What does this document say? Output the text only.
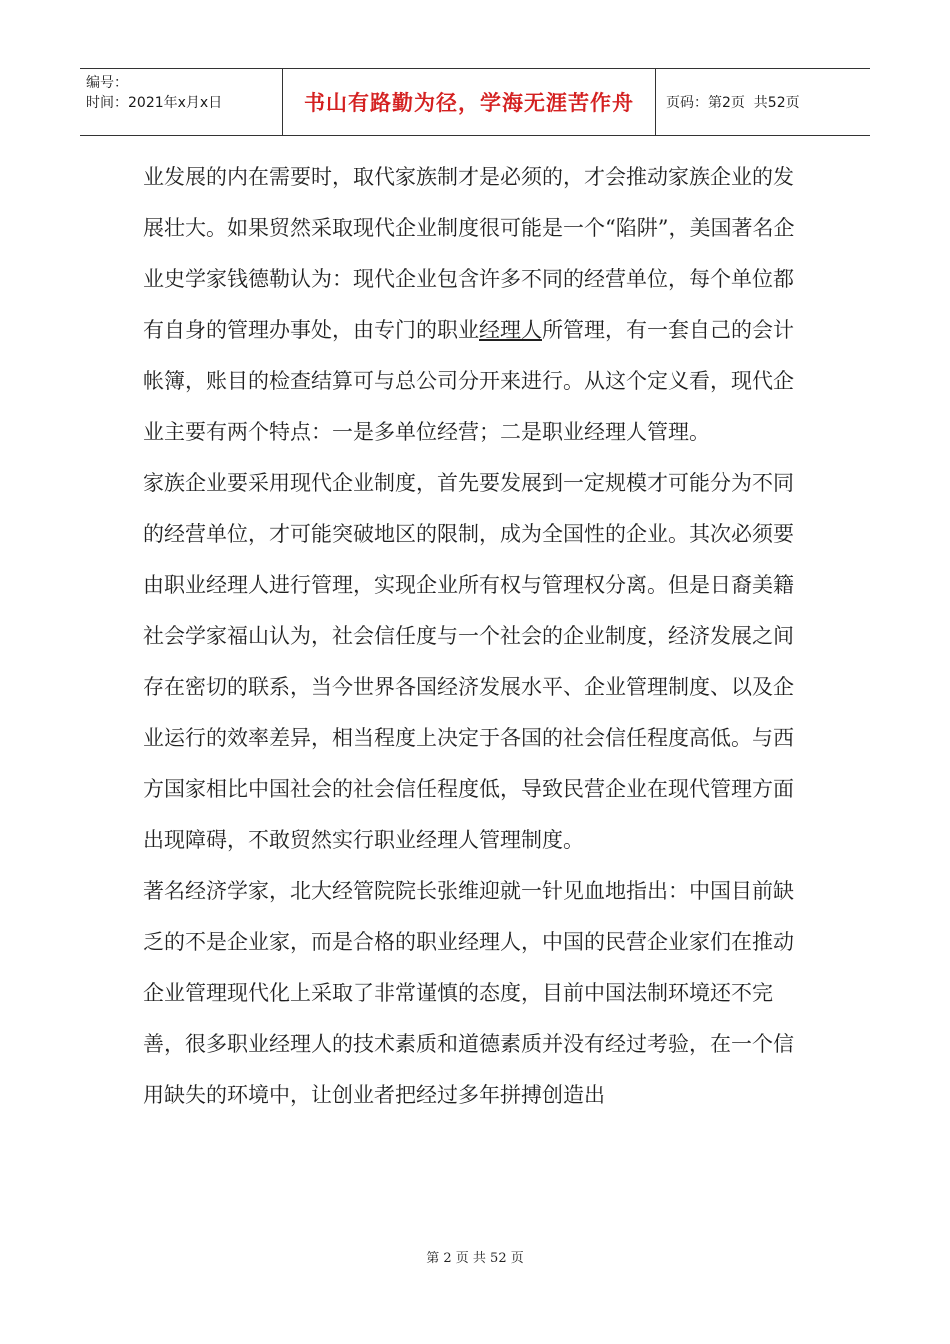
编号：
时间：2021年x月x日	书山有路勤为径，学海无涯苦作舟 页码：第2页  共52页

业发展的内在需要时，取代家族制才是必须的，才会推动家族企业的发展壮大。如果贸然采取现代企业制度很可能是一个“陷阱”，美国著名企业史学家钱德勒认为：现代企业包含许多不同的经营单位，每个单位都有自身的管理办事处，由专门的职业经理人所管理，有一套自己的会计帐簿，账目的检查结算可与总公司分开来进行。从这个定义看，现代企业主要有两个特点：一是多单位经营；二是职业经理人管理。

家族企业要采用现代企业制度，首先要发展到一定规模才可能分为不同的经营单位，才可能突破地区的限制，成为全国性的企业。其次必须要由职业经理人进行管理，实现企业所有权与管理权分离。但是日裔美籍社会学家福山认为，社会信任度与一个社会的企业制度，经济发展之间存在密切的联系，当今世界各国经济发展水平、企业管理制度、以及企业运行的效率差异，相当程度上决定于各国的社会信任程度高低。与西方国家相比中国社会的社会信任程度低，导致民营企业在现代管理方面出现障碍，不敢贸然实行职业经理人管理制度。

著名经济学家，北大经管院院长张维迎就一针见血地指出：中国目前缺乏的不是企业家，而是合格的职业经理人，中国的民营企业家们在推动企业管理现代化上采取了非常谨慎的态度，目前中国法制环境还不完善，很多职业经理人的技术素质和道德素质并没有经过考验，在一个信用缺失的环境中，让创业者把经过多年拼搏创造出

第 2 页 共 52 页
